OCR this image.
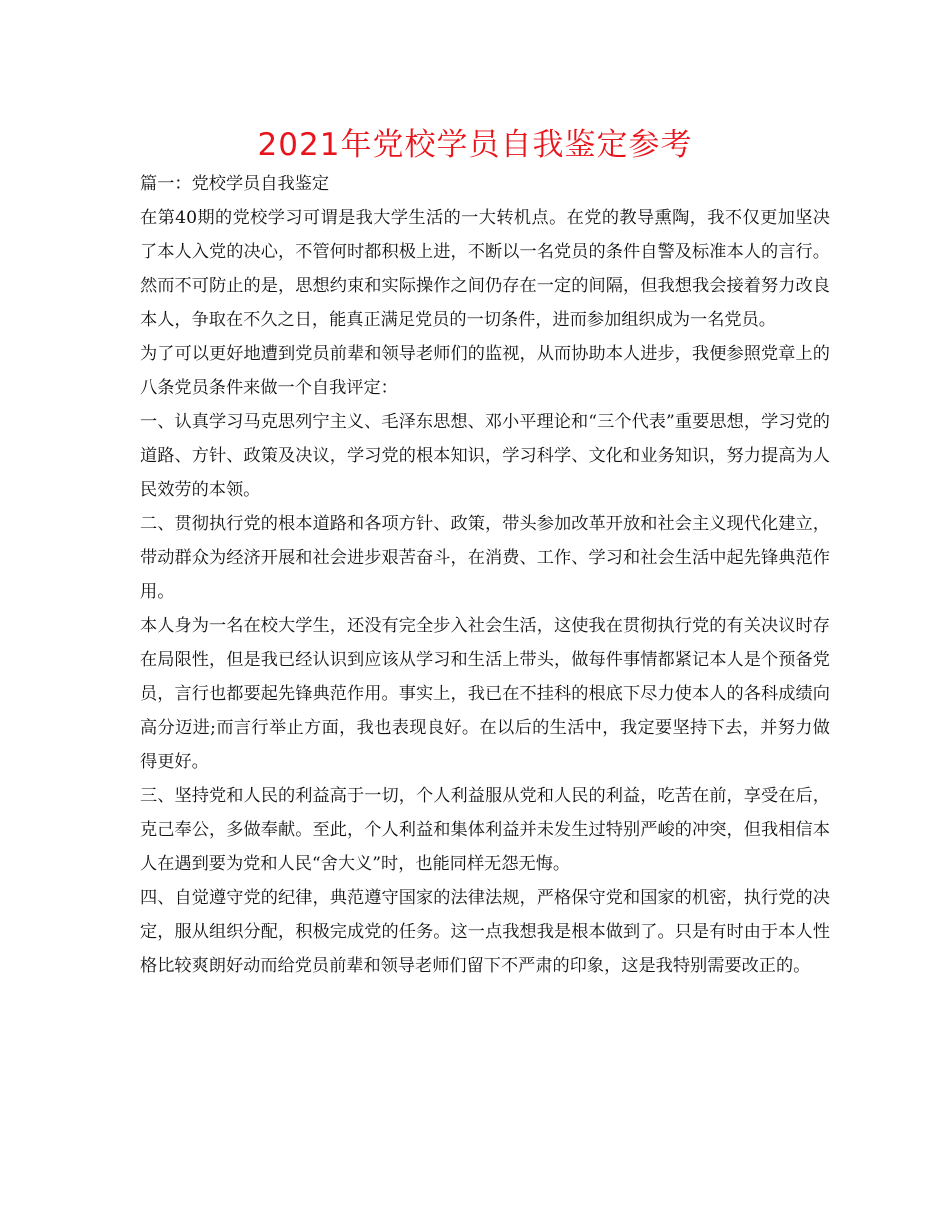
2021年党校学员自我鉴定参考

篇一：党校学员自我鉴定

在第40期的党校学习可谓是我大学生活的一大转机点。在党的教导熏陶，我不仅更加坚决了本人入党的决心，不管何时都积极上进，不断以一名党员的条件自警及标准本人的言行。然而不可防止的是，思想约束和实际操作之间仍存在一定的间隔，但我想我会接着努力改良本人，争取在不久之日，能真正满足党员的一切条件，进而参加组织成为一名党员。

为了可以更好地遭到党员前辈和领导老师们的监视，从而协助本人进步，我便参照党章上的八条党员条件来做一个自我评定：

一、认真学习马克思列宁主义、毛泽东思想、邓小平理论和“三个代表”重要思想，学习党的道路、方针、政策及决议，学习党的根本知识，学习科学、文化和业务知识，努力提高为人民效劳的本领。

二、贯彻执行党的根本道路和各项方针、政策，带头参加改革开放和社会主义现代化建立，带动群众为经济开展和社会进步艰苦奋斗，在消费、工作、学习和社会生活中起先锋典范作用。

本人身为一名在校大学生，还没有完全步入社会生活，这使我在贯彻执行党的有关决议时存在局限性，但是我已经认识到应该从学习和生活上带头，做每件事情都紧记本人是个预备党员，言行也都要起先锋典范作用。事实上，我已在不挂科的根底下尽力使本人的各科成绩向高分迈进;而言行举止方面，我也表现良好。在以后的生活中，我定要坚持下去，并努力做得更好。

三、坚持党和人民的利益高于一切，个人利益服从党和人民的利益，吃苦在前，享受在后，克己奉公，多做奉献。至此，个人利益和集体利益并未发生过特别严峻的冲突，但我相信本人在遇到要为党和人民“舍大义”时，也能同样无怨无悔。

四、自觉遵守党的纪律，典范遵守国家的法律法规，严格保守党和国家的机密，执行党的决定，服从组织分配，积极完成党的任务。这一点我想我是根本做到了。只是有时由于本人性格比较爽朗好动而给党员前辈和领导老师们留下不严肃的印象，这是我特别需要改正的。
